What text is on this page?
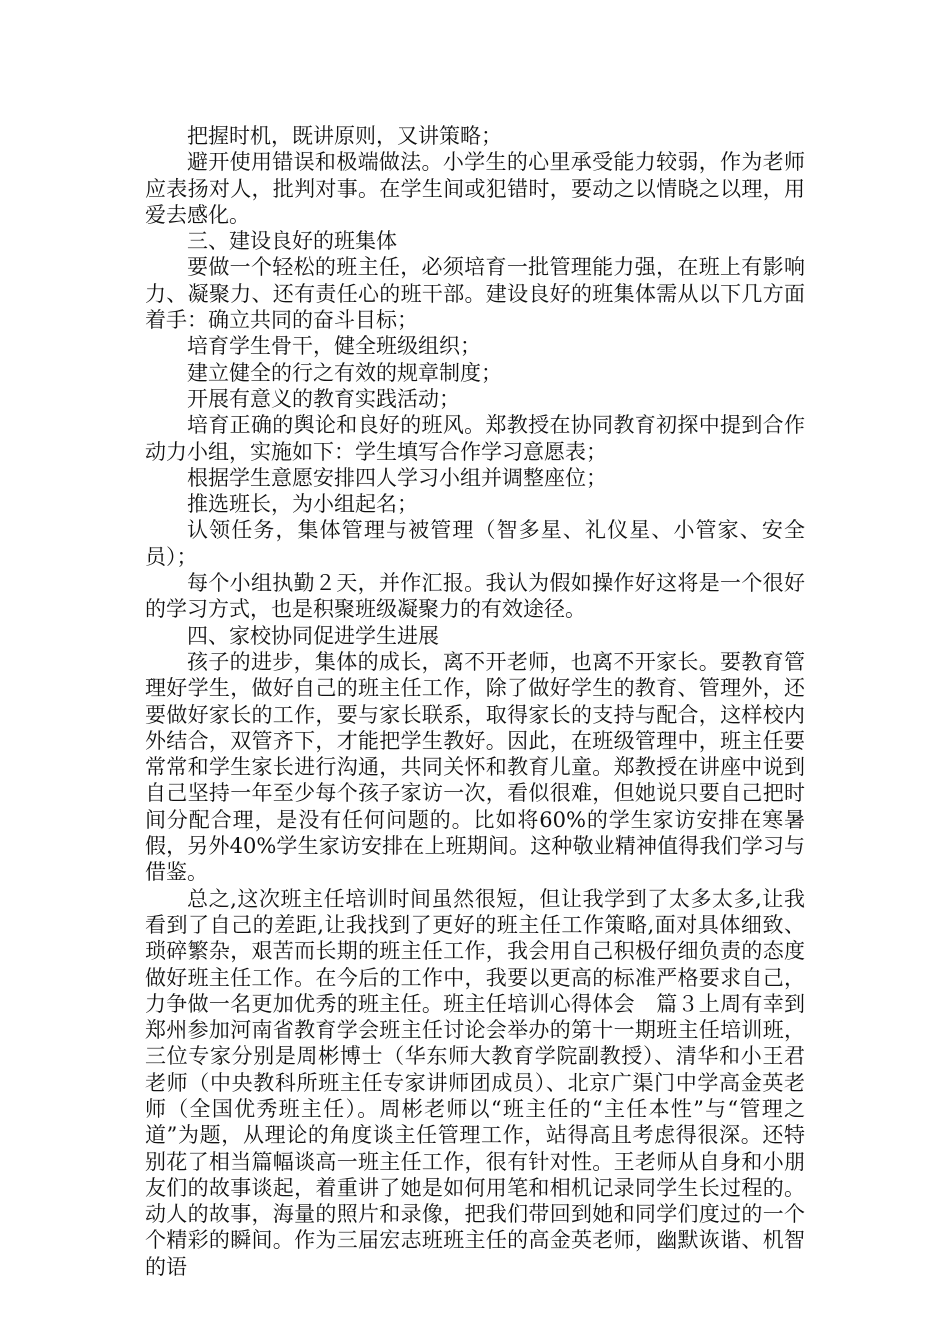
把握时机，既讲原则，又讲策略；

避开使用错误和极端做法。小学生的心里承受能力较弱，作为老师应表扬对人，批判对事。在学生间或犯错时，要动之以情晓之以理，用爱去感化。

三、建设良好的班集体

要做一个轻松的班主任，必须培育一批管理能力强，在班上有影响力、凝聚力、还有责任心的班干部。建设良好的班集体需从以下几方面着手：确立共同的奋斗目标；

培育学生骨干，健全班级组织；

建立健全的行之有效的规章制度；

开展有意义的教育实践活动；

培育正确的舆论和良好的班风。郑教授在协同教育初探中提到合作动力小组，实施如下：学生填写合作学习意愿表；

根据学生意愿安排四人学习小组并调整座位；

推选班长，为小组起名；

认领任务，集体管理与被管理（智多星、礼仪星、小管家、安全员）；

每个小组执勤２天，并作汇报。我认为假如操作好这将是一个很好的学习方式，也是积聚班级凝聚力的有效途径。

四、家校协同促进学生进展

孩子的进步，集体的成长，离不开老师，也离不开家长。要教育管理好学生，做好自己的班主任工作，除了做好学生的教育、管理外，还要做好家长的工作，要与家长联系，取得家长的支持与配合，这样校内外结合，双管齐下，才能把学生教好。因此，在班级管理中，班主任要常常和学生家长进行沟通，共同关怀和教育儿童。郑教授在讲座中说到自己坚持一年至少每个孩子家访一次，看似很难，但她说只要自己把时间分配合理，是没有任何问题的。比如将60%的学生家访安排在寒暑假，另外40%学生家访安排在上班期间。这种敬业精神值得我们学习与借鉴。

总之,这次班主任培训时间虽然很短，但让我学到了太多太多,让我看到了自己的差距,让我找到了更好的班主任工作策略,面对具体细致、琐碎繁杂，艰苦而长期的班主任工作，我会用自己积极仔细负责的态度做好班主任工作。在今后的工作中，我要以更高的标准严格要求自己，力争做一名更加优秀的班主任。班主任培训心得体会　篇３上周有幸到郑州参加河南省教育学会班主任讨论会举办的第十一期班主任培训班，三位专家分别是周彬博士（华东师大教育学院副教授）、清华和小王君老师（中央教科所班主任专家讲师团成员）、北京广渠门中学高金英老师（全国优秀班主任）。周彬老师以“班主任的“主任本性”与“管理之道”为题，从理论的角度谈主任管理工作，站得高且考虑得很深。还特别花了相当篇幅谈高一班主任工作，很有针对性。王老师从自身和小朋友们的故事谈起，着重讲了她是如何用笔和相机记录同学生长过程的。动人的故事，海量的照片和录像，把我们带回到她和同学们度过的一个个精彩的瞬间。作为三届宏志班班主任的高金英老师，幽默诙谐、机智的语
